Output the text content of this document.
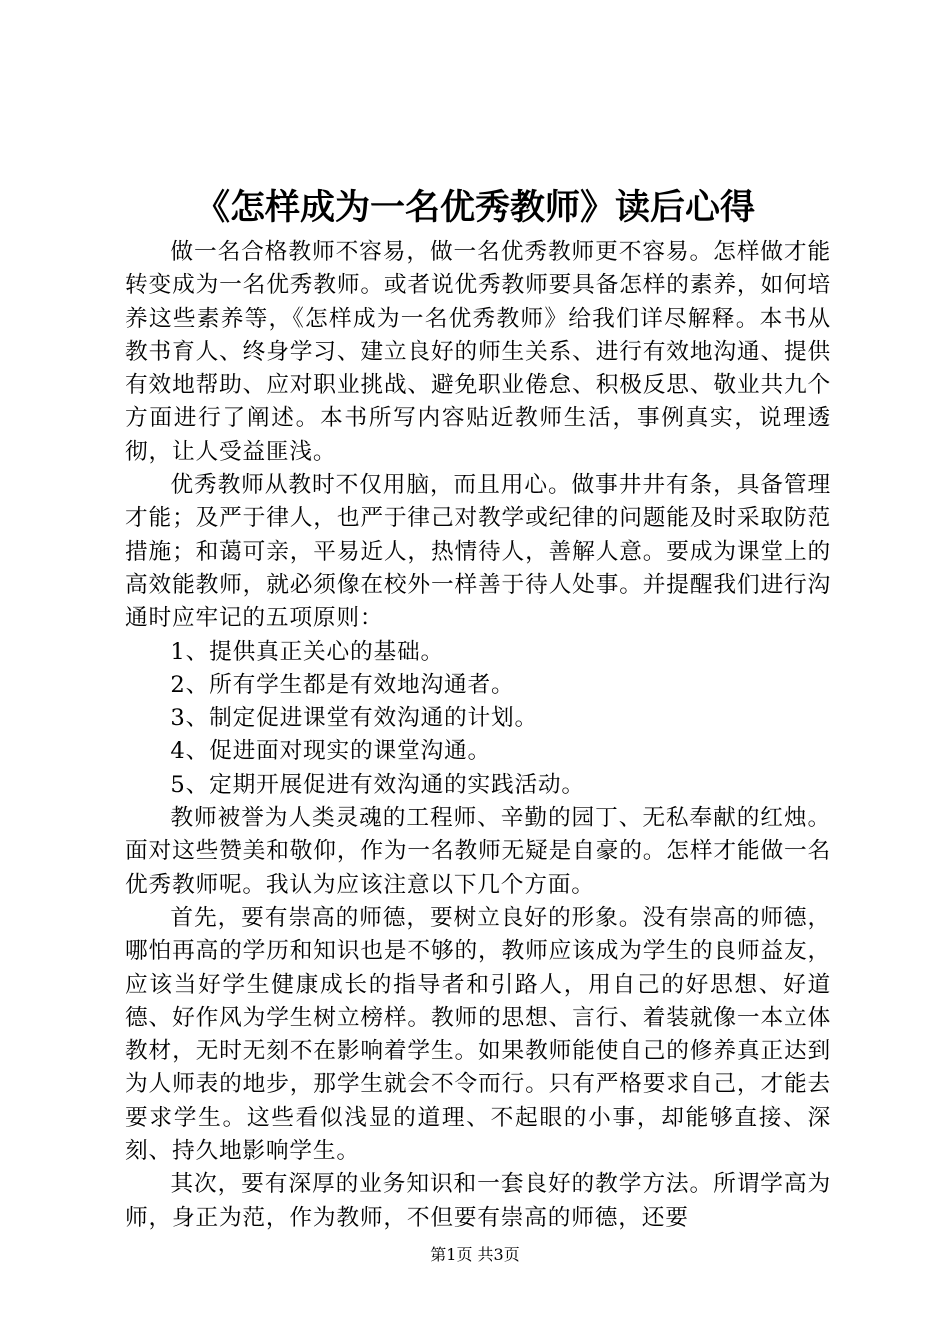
《怎样成为一名优秀教师》读后心得

做一名合格教师不容易，做一名优秀教师更不容易。怎样做才能转变成为一名优秀教师。或者说优秀教师要具备怎样的素养，如何培养这些素养等，《怎样成为一名优秀教师》给我们详尽解释。本书从教书育人、终身学习、建立良好的师生关系、进行有效地沟通、提供有效地帮助、应对职业挑战、避免职业倦怠、积极反思、敬业共九个方面进行了阐述。本书所写内容贴近教师生活，事例真实，说理透彻，让人受益匪浅。

优秀教师从教时不仅用脑，而且用心。做事井井有条，具备管理才能；及严于律人，也严于律己对教学或纪律的问题能及时采取防范措施；和蔼可亲，平易近人，热情待人，善解人意。要成为课堂上的高效能教师，就必须像在校外一样善于待人处事。并提醒我们进行沟通时应牢记的五项原则：

1、提供真正关心的基础。

2、所有学生都是有效地沟通者。

3、制定促进课堂有效沟通的计划。

4、促进面对现实的课堂沟通。

5、定期开展促进有效沟通的实践活动。

教师被誉为人类灵魂的工程师、辛勤的园丁、无私奉献的红烛。面对这些赞美和敬仰，作为一名教师无疑是自豪的。怎样才能做一名优秀教师呢。我认为应该注意以下几个方面。

首先，要有崇高的师德，要树立良好的形象。没有崇高的师德，哪怕再高的学历和知识也是不够的，教师应该成为学生的良师益友，应该当好学生健康成长的指导者和引路人，用自己的好思想、好道德、好作风为学生树立榜样。教师的思想、言行、着装就像一本立体教材，无时无刻不在影响着学生。如果教师能使自己的修养真正达到为人师表的地步，那学生就会不令而行。只有严格要求自己，才能去要求学生。这些看似浅显的道理、不起眼的小事，却能够直接、深刻、持久地影响学生。

其次，要有深厚的业务知识和一套良好的教学方法。所谓学高为师，身正为范，作为教师，不但要有崇高的师德，还要

第1页 共3页
